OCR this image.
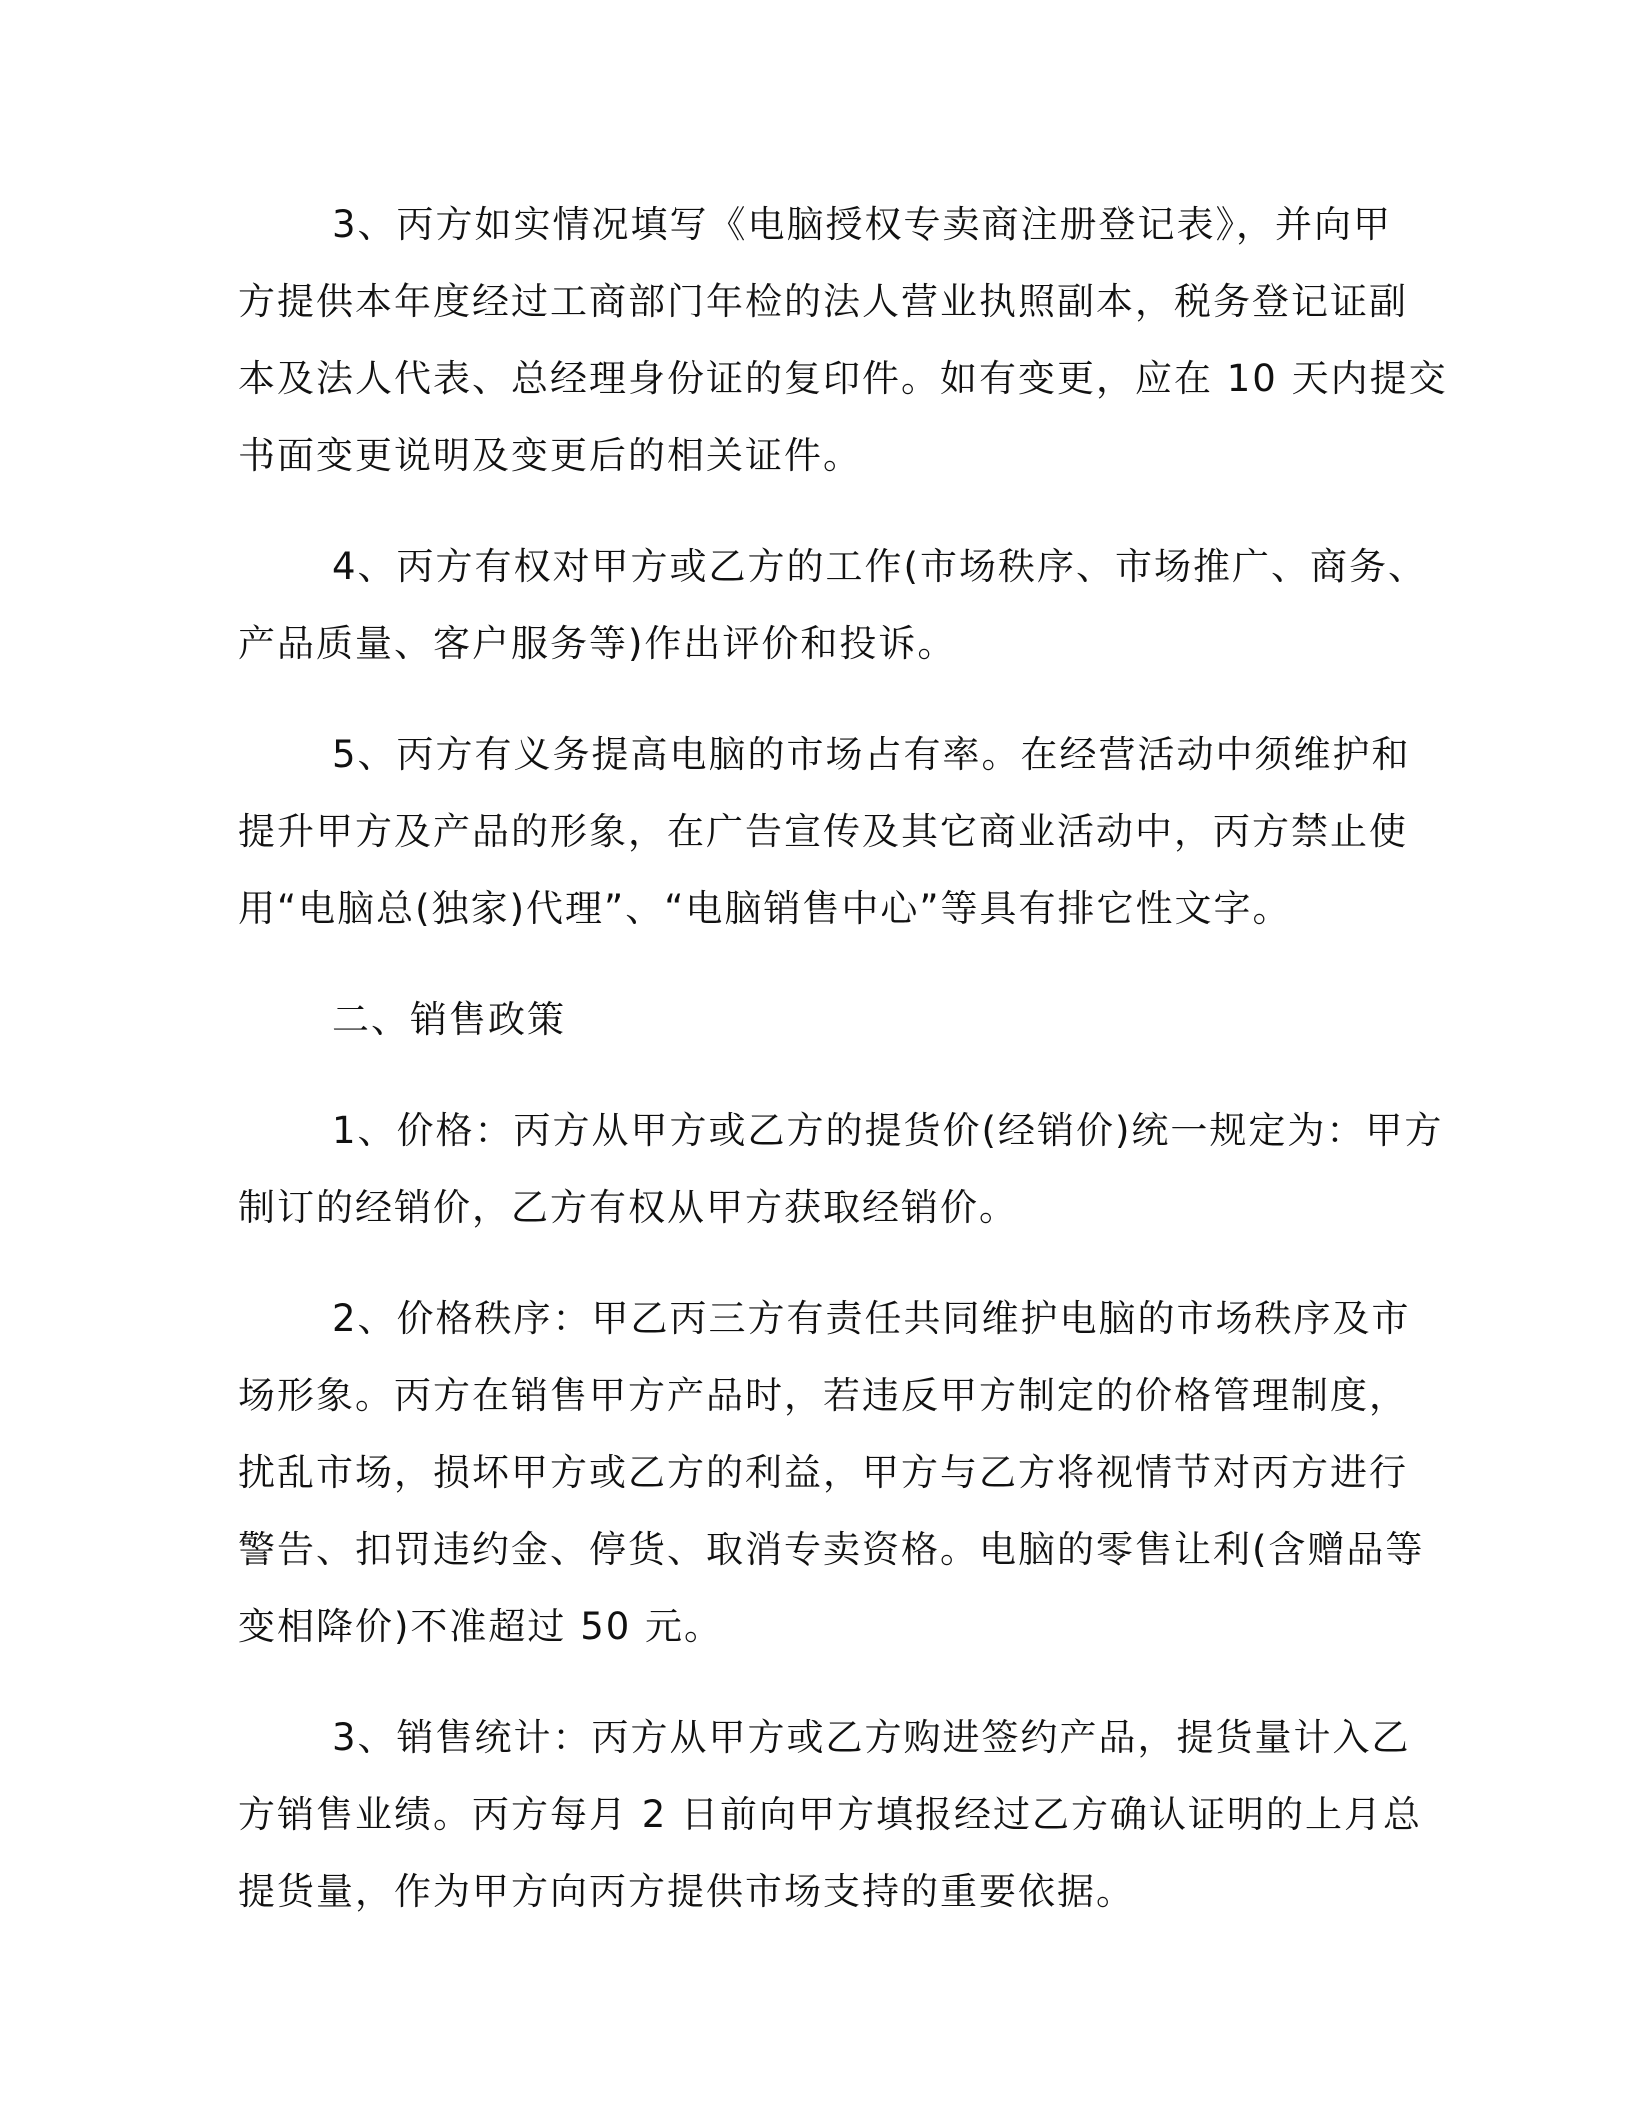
3、丙方如实情况填写《电脑授权专卖商注册登记表》，并向甲
方提供本年度经过工商部门年检的法人营业执照副本，税务登记证副
本及法人代表、总经理身份证的复印件。如有变更，应在 10 天内提交
书面变更说明及变更后的相关证件。
4、丙方有权对甲方或乙方的工作(市场秩序、市场推广、商务、
产品质量、客户服务等)作出评价和投诉。
5、丙方有义务提高电脑的市场占有率。在经营活动中须维护和
提升甲方及产品的形象，在广告宣传及其它商业活动中，丙方禁止使
用“电脑总(独家)代理”、“电脑销售中心”等具有排它性文字。
二、销售政策
1、价格：丙方从甲方或乙方的提货价(经销价)统一规定为：甲方
制订的经销价，乙方有权从甲方获取经销价。
2、价格秩序：甲乙丙三方有责任共同维护电脑的市场秩序及市
场形象。丙方在销售甲方产品时，若违反甲方制定的价格管理制度，
扰乱市场，损坏甲方或乙方的利益，甲方与乙方将视情节对丙方进行
警告、扣罚违约金、停货、取消专卖资格。电脑的零售让利(含赠品等
变相降价)不准超过 50 元。
3、销售统计：丙方从甲方或乙方购进签约产品，提货量计入乙
方销售业绩。丙方每月 2 日前向甲方填报经过乙方确认证明的上月总
提货量，作为甲方向丙方提供市场支持的重要依据。
